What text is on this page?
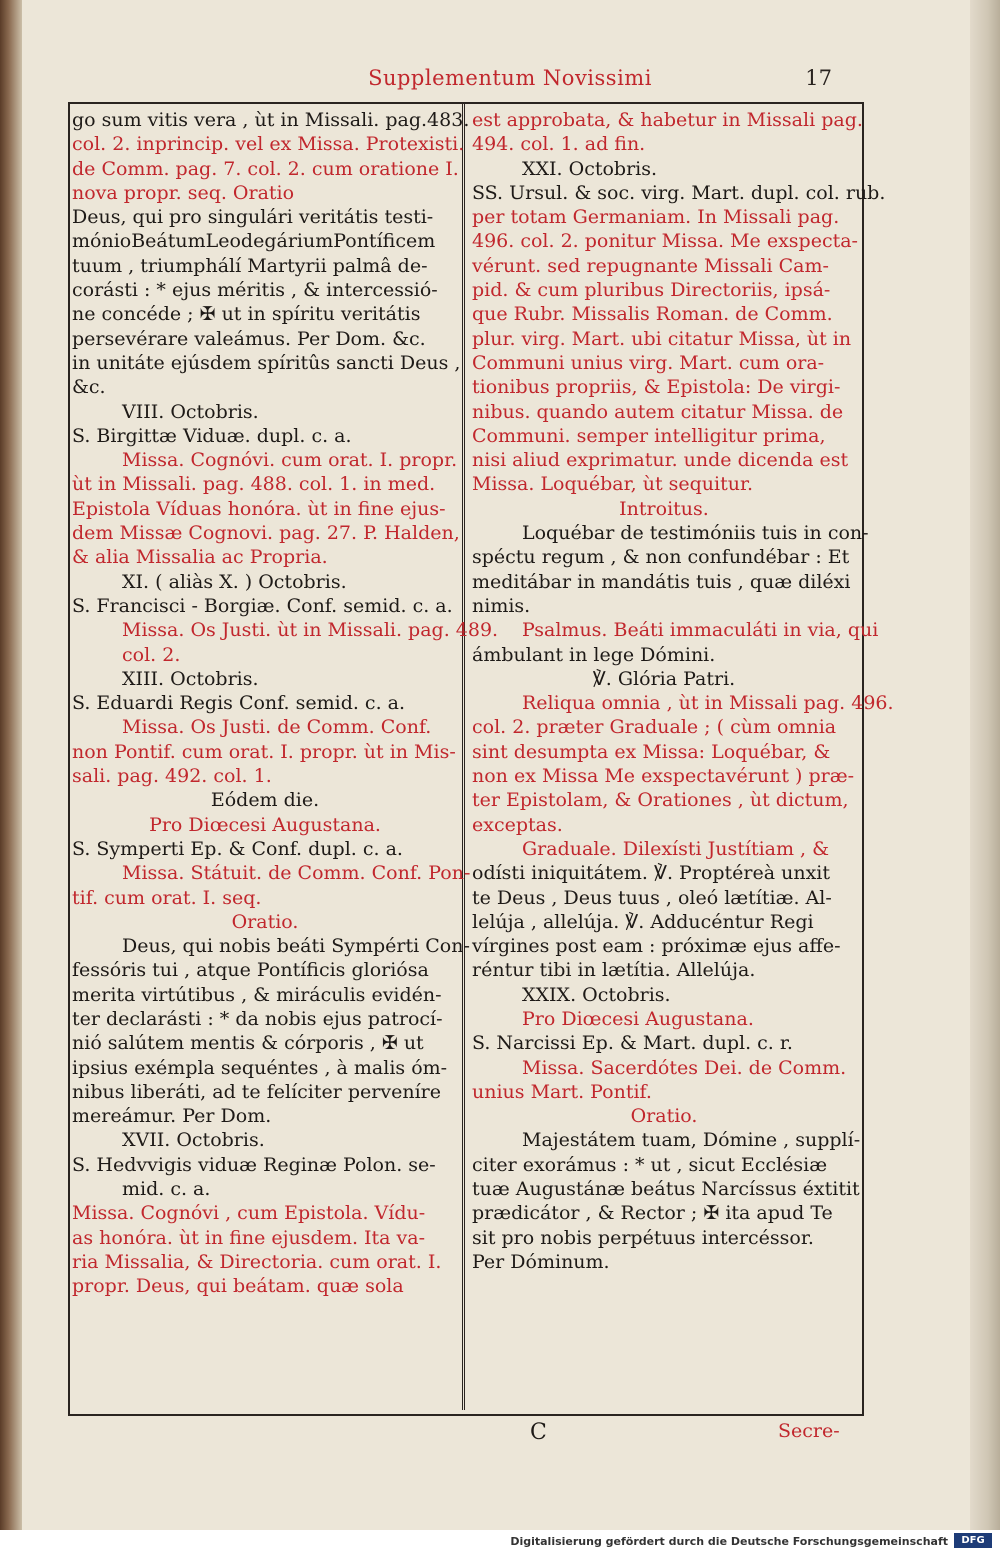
Supplementum Novissimi	17
go sum vitis vera , ùt in Missali. pag.483.
col. 2. inprincip. vel ex Missa. Protexisti.
de Comm. pag. 7. col. 2. cum oratione I.
nova propr. seq. Oratio
Deus, qui pro singulári veritátis testi-
mónioBeátumLeodegáriumPontíficem
tuum , triumphálí Martyrii palmâ de-
corásti : * ejus méritis , & intercessió-
ne concéde ; ✠ ut in spíritu veritátis
persevérare valeámus. Per Dom. &c.
in unitáte ejúsdem spíritûs sancti Deus ,
&c.
VIII. Octobris.
S. Birgittæ Viduæ. dupl. c. a.
Missa. Cognóvi. cum orat. I. propr.
ùt in Missali. pag. 488. col. 1. in med.
Epistola Víduas honóra. ùt in fine ejus-
dem Missæ Cognovi. pag. 27. P. Halden,
& alia Missalia ac Propria.
XI. ( aliàs X. ) Octobris.
S. Francisci - Borgiæ. Conf. semid. c. a.
Missa. Os Justi. ùt in Missali. pag. 489.
col. 2.
XIII. Octobris.
S. Eduardi Regis Conf. semid. c. a.
Missa. Os Justi. de Comm. Conf.
non Pontif. cum orat. I. propr. ùt in Mis-
sali. pag. 492. col. 1.
Eódem die.
Pro Diœcesi Augustana.
S. Symperti Ep. & Conf. dupl. c. a.
Missa. Státuit. de Comm. Conf. Pon-
tif. cum orat. I. seq.
Oratio.
Deus, qui nobis beáti Sympérti Con-
fessóris tui , atque Pontíficis gloriósa
merita virtútibus , & miráculis evidén-
ter declarásti : * da nobis ejus patrocí-
nió salútem mentis & córporis , ✠ ut
ipsius exémpla sequéntes , à malis óm-
nibus liberáti, ad te felíciter perveníre
mereámur. Per Dom.
XVII. Octobris.
S. Hedvvigis viduæ Reginæ Polon. se-
mid. c. a.
Missa. Cognóvi , cum Epistola. Vídu-
as honóra. ùt in fine ejusdem. Ita va-
ria Missalia, & Directoria. cum orat. I.
propr. Deus, qui beátam. quæ sola
est approbata, & habetur in Missali pag.
494. col. 1. ad fin.
XXI. Octobris.
SS. Ursul. & soc. virg. Mart. dupl. col. rub.
per totam Germaniam. In Missali pag.
496. col. 2. ponitur Missa. Me exspecta-
vérunt. sed repugnante Missali Cam-
pid. & cum pluribus Directoriis, ipsá-
que Rubr. Missalis Roman. de Comm.
plur. virg. Mart. ubi citatur Missa, ùt in
Communi unius virg. Mart. cum ora-
tionibus propriis, & Epistola: De virgi-
nibus. quando autem citatur Missa. de
Communi. semper intelligitur prima,
nisi aliud exprimatur. unde dicenda est
Missa. Loquébar, ùt sequitur.
Introitus.
Loquébar de testimóniis tuis in con-
spéctu regum , & non confundébar : Et
meditábar in mandátis tuis , quæ diléxi
nimis.
Psalmus. Beáti immaculáti in via, qui
ámbulant in lege Dómini.
℣. Glória Patri.
Reliqua omnia , ùt in Missali pag. 496.
col. 2. præter Graduale ; ( cùm omnia
sint desumpta ex Missa: Loquébar, &
non ex Missa Me exspectavérunt ) præ-
ter Epistolam, & Orationes , ùt dictum,
exceptas.
Graduale. Dilexísti Justítiam , &
odísti iniquitátem. ℣. Proptéreà unxit
te Deus , Deus tuus , oleó lætítiæ. Al-
lelúja , allelúja. ℣. Adducéntur Regi
vírgines post eam : próximæ ejus affe-
réntur tibi in lætítia. Allelúja.
XXIX. Octobris.
Pro Diœcesi Augustana.
S. Narcissi Ep. & Mart. dupl. c. r.
Missa. Sacerdótes Dei. de Comm.
unius Mart. Pontif.
Oratio.
Majestátem tuam, Dómine , supplí-
citer exorámus : * ut , sicut Ecclésiæ
tuæ Augustánæ beátus Narcíssus éxtitit
prædicátor , & Rector ; ✠ ita apud Te
sit pro nobis perpétuus intercéssor.
Per Dóminum.
C	Secre-
Digitalisierung gefördert durch die Deutsche Forschungsgemeinschaft	DFG
